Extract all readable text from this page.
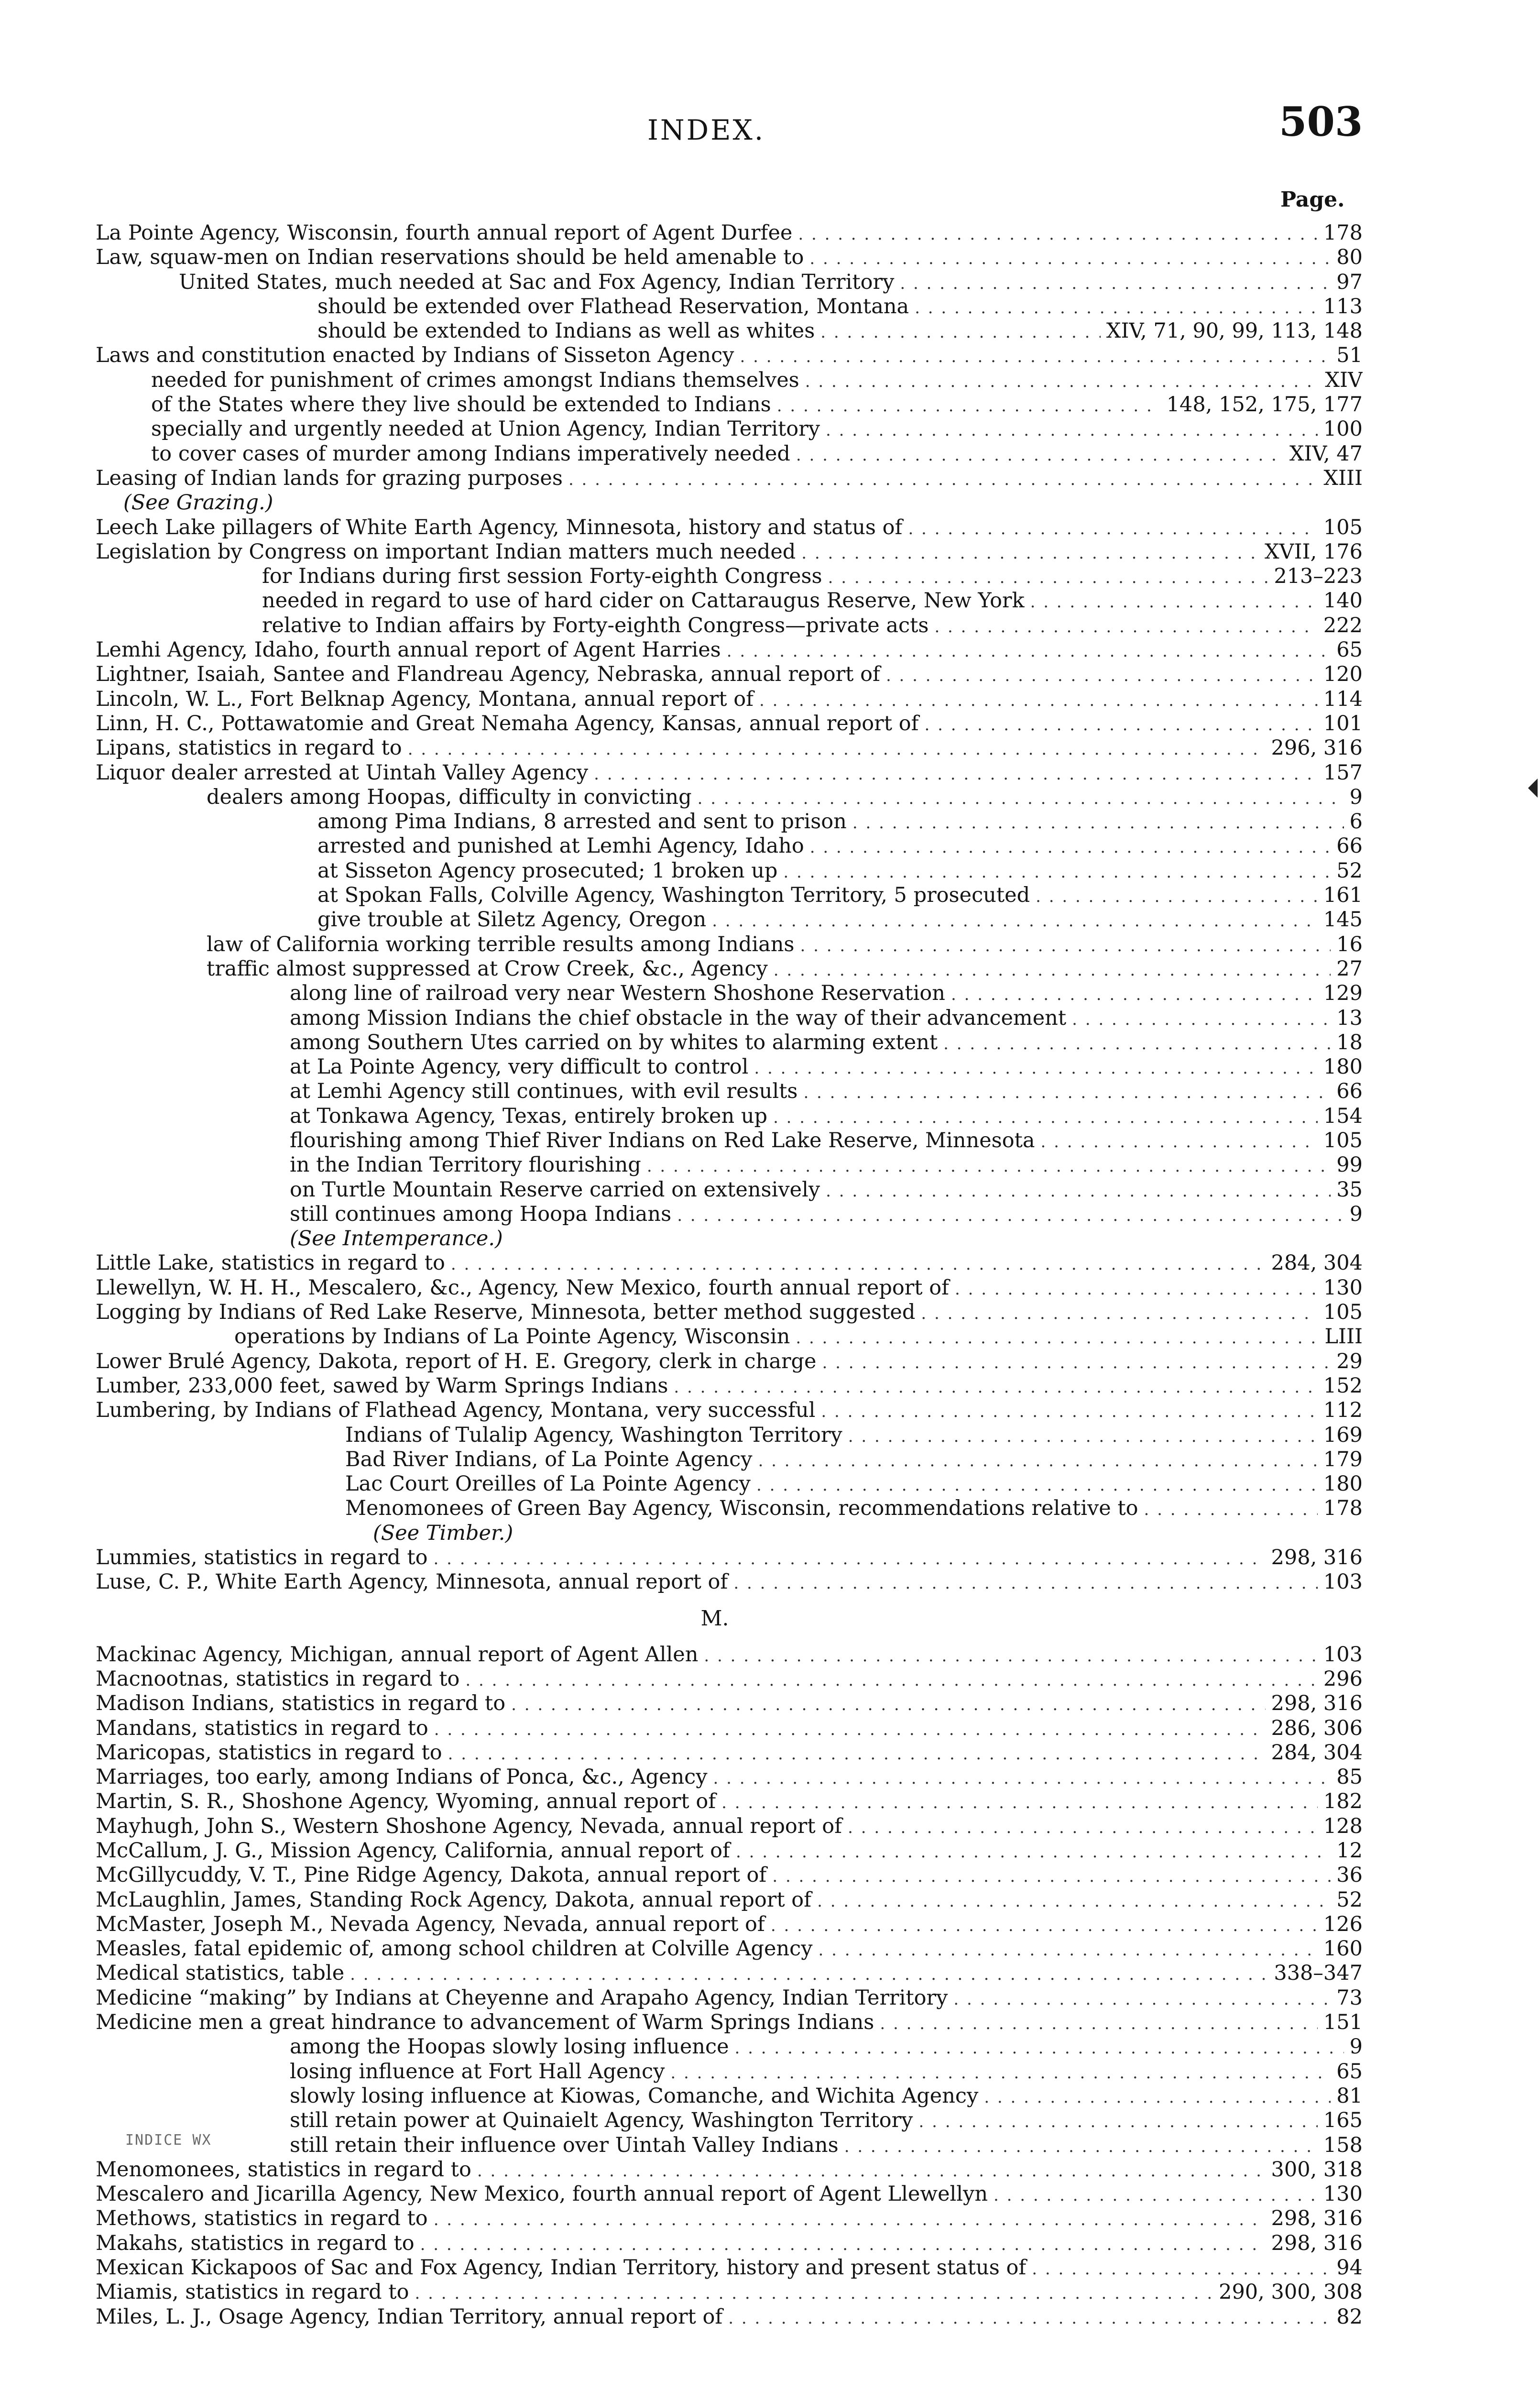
INDEX.	503
Page.
La Pointe Agency, Wisconsin, fourth annual report of Agent Durfee . . .	178
Law, squaw-men on Indian reservations should be held amenable to . . .	80
United States, much needed at Sac and Fox Agency, Indian Territory . . .	97
should be extended over Flathead Reservation, Montana . . .	113
should be extended to Indians as well as whites . . .	XIV, 71, 90, 99, 113, 148
Laws and constitution enacted by Indians of Sisseton Agency . . .	51
needed for punishment of crimes amongst Indians themselves . . .	XIV
of the States where they live should be extended to Indians . . .	148, 152, 175, 177
specially and urgently needed at Union Agency, Indian Territory . . .	100
to cover cases of murder among Indians imperatively needed . . .	XIV, 47
Leasing of Indian lands for grazing purposes . . .	XIII
(See Grazing.)
Leech Lake pillagers of White Earth Agency, Minnesota, history and status of . . .	105
Legislation by Congress on important Indian matters much needed . . .	XVII, 176
for Indians during first session Forty-eighth Congress . . .	213–223
needed in regard to use of hard cider on Cattaraugus Reserve, New York . . .	140
relative to Indian affairs by Forty-eighth Congress—private acts . . .	222
Lemhi Agency, Idaho, fourth annual report of Agent Harries . . .	65
Lightner, Isaiah, Santee and Flandreau Agency, Nebraska, annual report of . . .	120
Lincoln, W. L., Fort Belknap Agency, Montana, annual report of . . .	114
Linn, H. C., Pottawatomie and Great Nemaha Agency, Kansas, annual report of . . .	101
Lipans, statistics in regard to . . .	296, 316
Liquor dealer arrested at Uintah Valley Agency . . .	157
dealers among Hoopas, difficulty in convicting . . .	9
among Pima Indians, 8 arrested and sent to prison . . .	6
arrested and punished at Lemhi Agency, Idaho . . .	66
at Sisseton Agency prosecuted; 1 broken up . . .	52
at Spokan Falls, Colville Agency, Washington Territory, 5 prosecuted . . .	161
give trouble at Siletz Agency, Oregon . . .	145
law of California working terrible results among Indians . . .	16
traffic almost suppressed at Crow Creek, &c., Agency . . .	27
along line of railroad very near Western Shoshone Reservation . . .	129
among Mission Indians the chief obstacle in the way of their advancement . . .	13
among Southern Utes carried on by whites to alarming extent . . .	18
at La Pointe Agency, very difficult to control . . .	180
at Lemhi Agency still continues, with evil results . . .	66
at Tonkawa Agency, Texas, entirely broken up . . .	154
flourishing among Thief River Indians on Red Lake Reserve, Minnesota . . .	105
in the Indian Territory flourishing . . .	99
on Turtle Mountain Reserve carried on extensively . . .	35
still continues among Hoopa Indians . . .	9
(See Intemperance.)
Little Lake, statistics in regard to . . .	284, 304
Llewellyn, W. H. H., Mescalero, &c., Agency, New Mexico, fourth annual report of . . .	130
Logging by Indians of Red Lake Reserve, Minnesota, better method suggested . . .	105
operations by Indians of La Pointe Agency, Wisconsin . . .	LIII
Lower Brulé Agency, Dakota, report of H. E. Gregory, clerk in charge . . .	29
Lumber, 233,000 feet, sawed by Warm Springs Indians . . .	152
Lumbering, by Indians of Flathead Agency, Montana, very successful . . .	112
Indians of Tulalip Agency, Washington Territory . . .	169
Bad River Indians, of La Pointe Agency . . .	179
Lac Court Oreilles of La Pointe Agency . . .	180
Menomonees of Green Bay Agency, Wisconsin, recommendations relative to . . .	178
(See Timber.)
Lummies, statistics in regard to . . .	298, 316
Luse, C. P., White Earth Agency, Minnesota, annual report of . . .	103
M.
Mackinac Agency, Michigan, annual report of Agent Allen . . .	103
Macnootnas, statistics in regard to . . .	296
Madison Indians, statistics in regard to . . .	298, 316
Mandans, statistics in regard to . . .	286, 306
Maricopas, statistics in regard to . . .	284, 304
Marriages, too early, among Indians of Ponca, &c., Agency . . .	85
Martin, S. R., Shoshone Agency, Wyoming, annual report of . . .	182
Mayhugh, John S., Western Shoshone Agency, Nevada, annual report of . . .	128
McCallum, J. G., Mission Agency, California, annual report of . . .	12
McGillycuddy, V. T., Pine Ridge Agency, Dakota, annual report of . . .	36
McLaughlin, James, Standing Rock Agency, Dakota, annual report of . . .	52
McMaster, Joseph M., Nevada Agency, Nevada, annual report of . . .	126
Measles, fatal epidemic of, among school children at Colville Agency . . .	160
Medical statistics, table . . .	338–347
Medicine “making” by Indians at Cheyenne and Arapaho Agency, Indian Territory . . .	73
Medicine men a great hindrance to advancement of Warm Springs Indians . . .	151
among the Hoopas slowly losing influence . . .	9
losing influence at Fort Hall Agency . . .	65
slowly losing influence at Kiowas, Comanche, and Wichita Agency . . .	81
still retain power at Quinaielt Agency, Washington Territory . . .	165
still retain their influence over Uintah Valley Indians . . .	158
Menomonees, statistics in regard to . . .	300, 318
Mescalero and Jicarilla Agency, New Mexico, fourth annual report of Agent Llewellyn . . .	130
Methows, statistics in regard to . . .	298, 316
Makahs, statistics in regard to . . .	298, 316
Mexican Kickapoos of Sac and Fox Agency, Indian Territory, history and present status of . . .	94
Miamis, statistics in regard to . . .	290, 300, 308
Miles, L. J., Osage Agency, Indian Territory, annual report of . . .	82
INDICE WX
